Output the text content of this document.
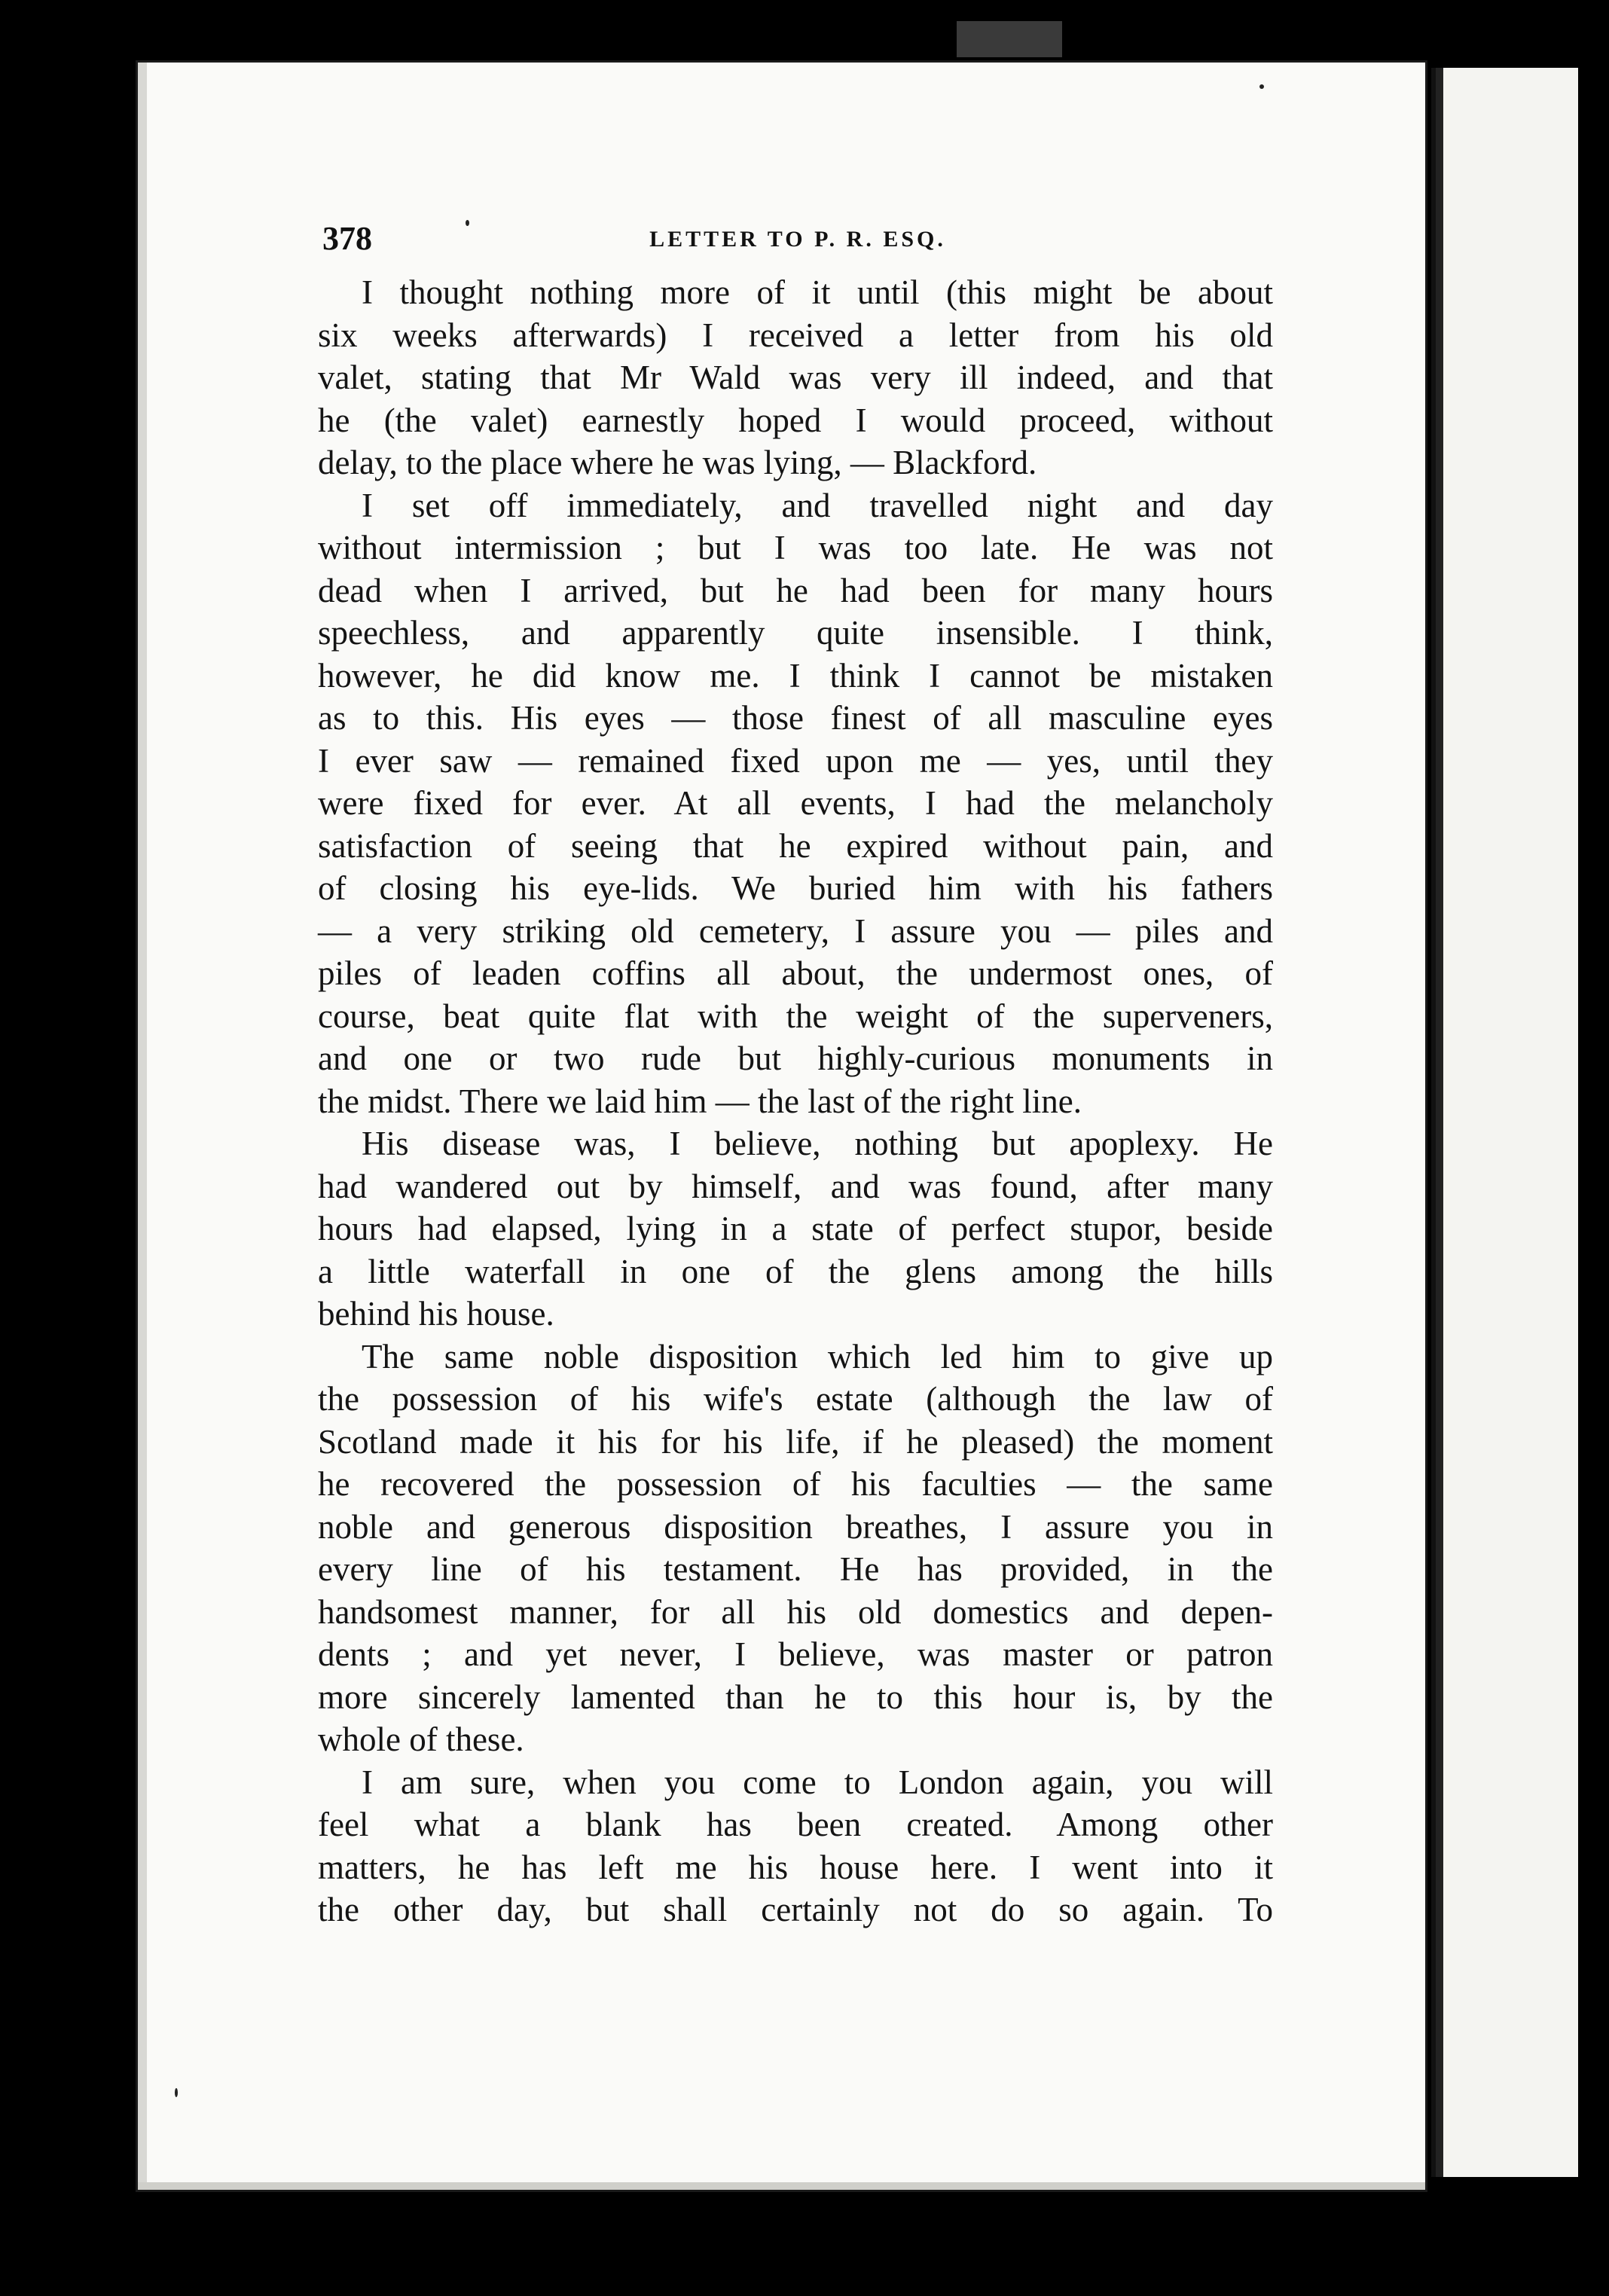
378	LETTER TO P. R. ESQ.
I thought nothing more of it until (this might be about
six weeks afterwards) I received a letter from his old
valet, stating that Mr Wald was very ill indeed, and that
he (the valet) earnestly hoped I would proceed, without
delay, to the place where he was lying, — Blackford.
I set off immediately, and travelled night and day
without intermission ; but I was too late. He was not
dead when I arrived, but he had been for many hours
speechless, and apparently quite insensible. I think,
however, he did know me. I think I cannot be mistaken
as to this. His eyes — those finest of all masculine eyes
I ever saw — remained fixed upon me — yes, until they
were fixed for ever. At all events, I had the melancholy
satisfaction of seeing that he expired without pain, and
of closing his eye-lids. We buried him with his fathers
— a very striking old cemetery, I assure you — piles and
piles of leaden coffins all about, the undermost ones, of
course, beat quite flat with the weight of the superveners,
and one or two rude but highly-curious monuments in
the midst. There we laid him — the last of the right line.
His disease was, I believe, nothing but apoplexy. He
had wandered out by himself, and was found, after many
hours had elapsed, lying in a state of perfect stupor, beside
a little waterfall in one of the glens among the hills
behind his house.
The same noble disposition which led him to give up
the possession of his wife's estate (although the law of
Scotland made it his for his life, if he pleased) the moment
he recovered the possession of his faculties — the same
noble and generous disposition breathes, I assure you in
every line of his testament. He has provided, in the
handsomest manner, for all his old domestics and depen-
dents ; and yet never, I believe, was master or patron
more sincerely lamented than he to this hour is, by the
whole of these.
I am sure, when you come to London again, you will
feel what a blank has been created. Among other
matters, he has left me his house here. I went into it
the other day, but shall certainly not do so again. To
